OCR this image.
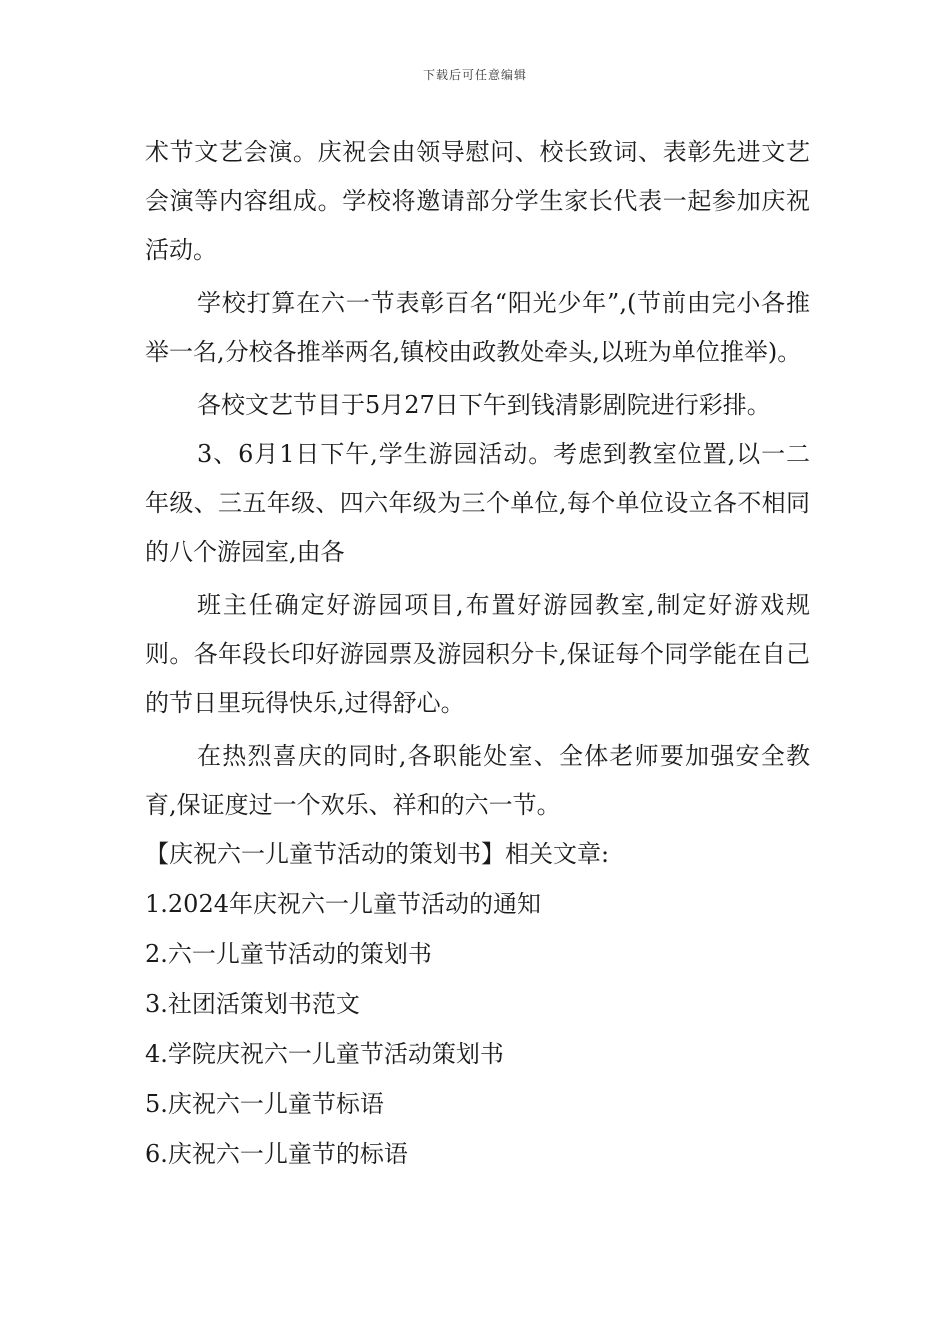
下载后可任意编辑

术节文艺会演。庆祝会由领导慰问、校长致词、表彰先进文艺会演等内容组成。学校将邀请部分学生家长代表一起参加庆祝活动。

学校打算在六一节表彰百名“阳光少年”,(节前由完小各推举一名,分校各推举两名,镇校由政教处牵头,以班为单位推举)。

各校文艺节目于5月27日下午到钱清影剧院进行彩排。

3、6月1日下午,学生游园活动。考虑到教室位置,以一二年级、三五年级、四六年级为三个单位,每个单位设立各不相同的八个游园室,由各

班主任确定好游园项目,布置好游园教室,制定好游戏规则。各年段长印好游园票及游园积分卡,保证每个同学能在自己的节日里玩得快乐,过得舒心。

在热烈喜庆的同时,各职能处室、全体老师要加强安全教育,保证度过一个欢乐、祥和的六一节。

【庆祝六一儿童节活动的策划书】相关文章:

1.2024年庆祝六一儿童节活动的通知
2.六一儿童节活动的策划书
3.社团活策划书范文
4.学院庆祝六一儿童节活动策划书
5.庆祝六一儿童节标语
6.庆祝六一儿童节的标语
